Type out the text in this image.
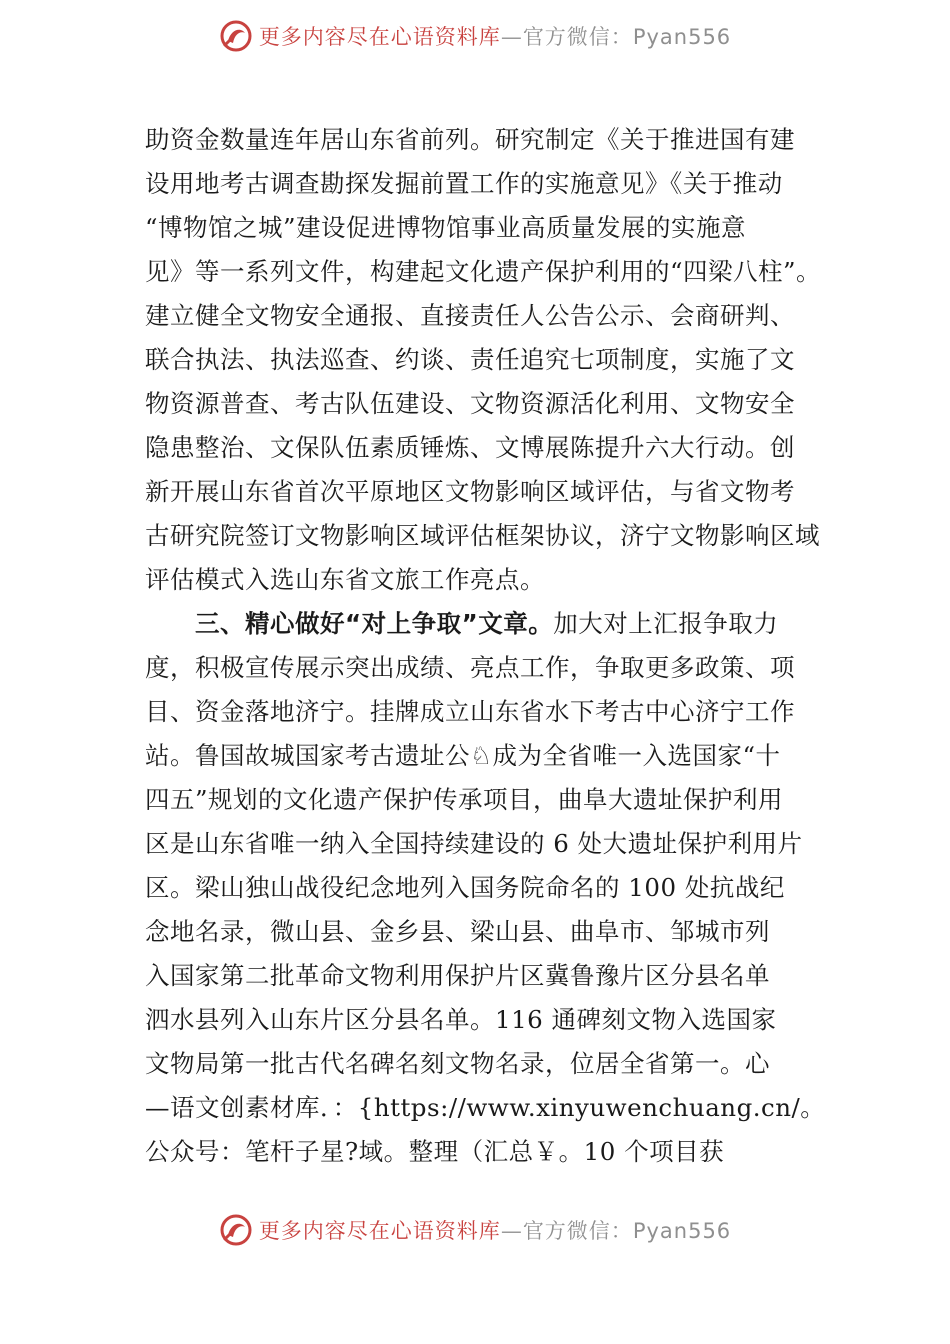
更多内容尽在心语资料库—官方微信：Pyan556

助资金数量连年居山东省前列。研究制定《关于推进国有建
设用地考古调查勘探发掘前置工作的实施意见》《关于推动
“博物馆之城”建设促进博物馆事业高质量发展的实施意
见》等一系列文件，构建起文化遗产保护利用的“四梁八柱”。
建立健全文物安全通报、直接责任人公告公示、会商研判、
联合执法、执法巡查、约谈、责任追究七项制度，实施了文
物资源普查、考古队伍建设、文物资源活化利用、文物安全
隐患整治、文保队伍素质锤炼、文博展陈提升六大行动。创
新开展山东省首次平原地区文物影响区域评估，与省文物考
古研究院签订文物影响区域评估框架协议，济宁文物影响区域
评估模式入选山东省文旅工作亮点。

三、精心做好“对上争取”文章。加大对上汇报争取力
度，积极宣传展示突出成绩、亮点工作，争取更多政策、项
目、资金落地济宁。挂牌成立山东省水下考古中心济宁工作
站。鲁国故城国家考古遗址公♘成为全省唯一入选国家“十
四五”规划的文化遗产保护传承项目，曲阜大遗址保护利用
区是山东省唯一纳入全国持续建设的 6 处大遗址保护利用片
区。梁山独山战役纪念地列入国务院命名的 100 处抗战纪
念地名录，微山县、金乡县、梁山县、曲阜市、邹城市列
入国家第二批革命文物利用保护片区冀鲁豫片区分县名单
泗水县列入山东片区分县名单。116 通碑刻文物入选国家
文物局第一批古代名碑名刻文物名录，位居全省第一。心
—语文创素材库．：{https://www.xinyuwenchuang.cn/。
公众号：笔杆子星?域。整理（汇总￥。10 个项目获

更多内容尽在心语资料库—官方微信：Pyan556
